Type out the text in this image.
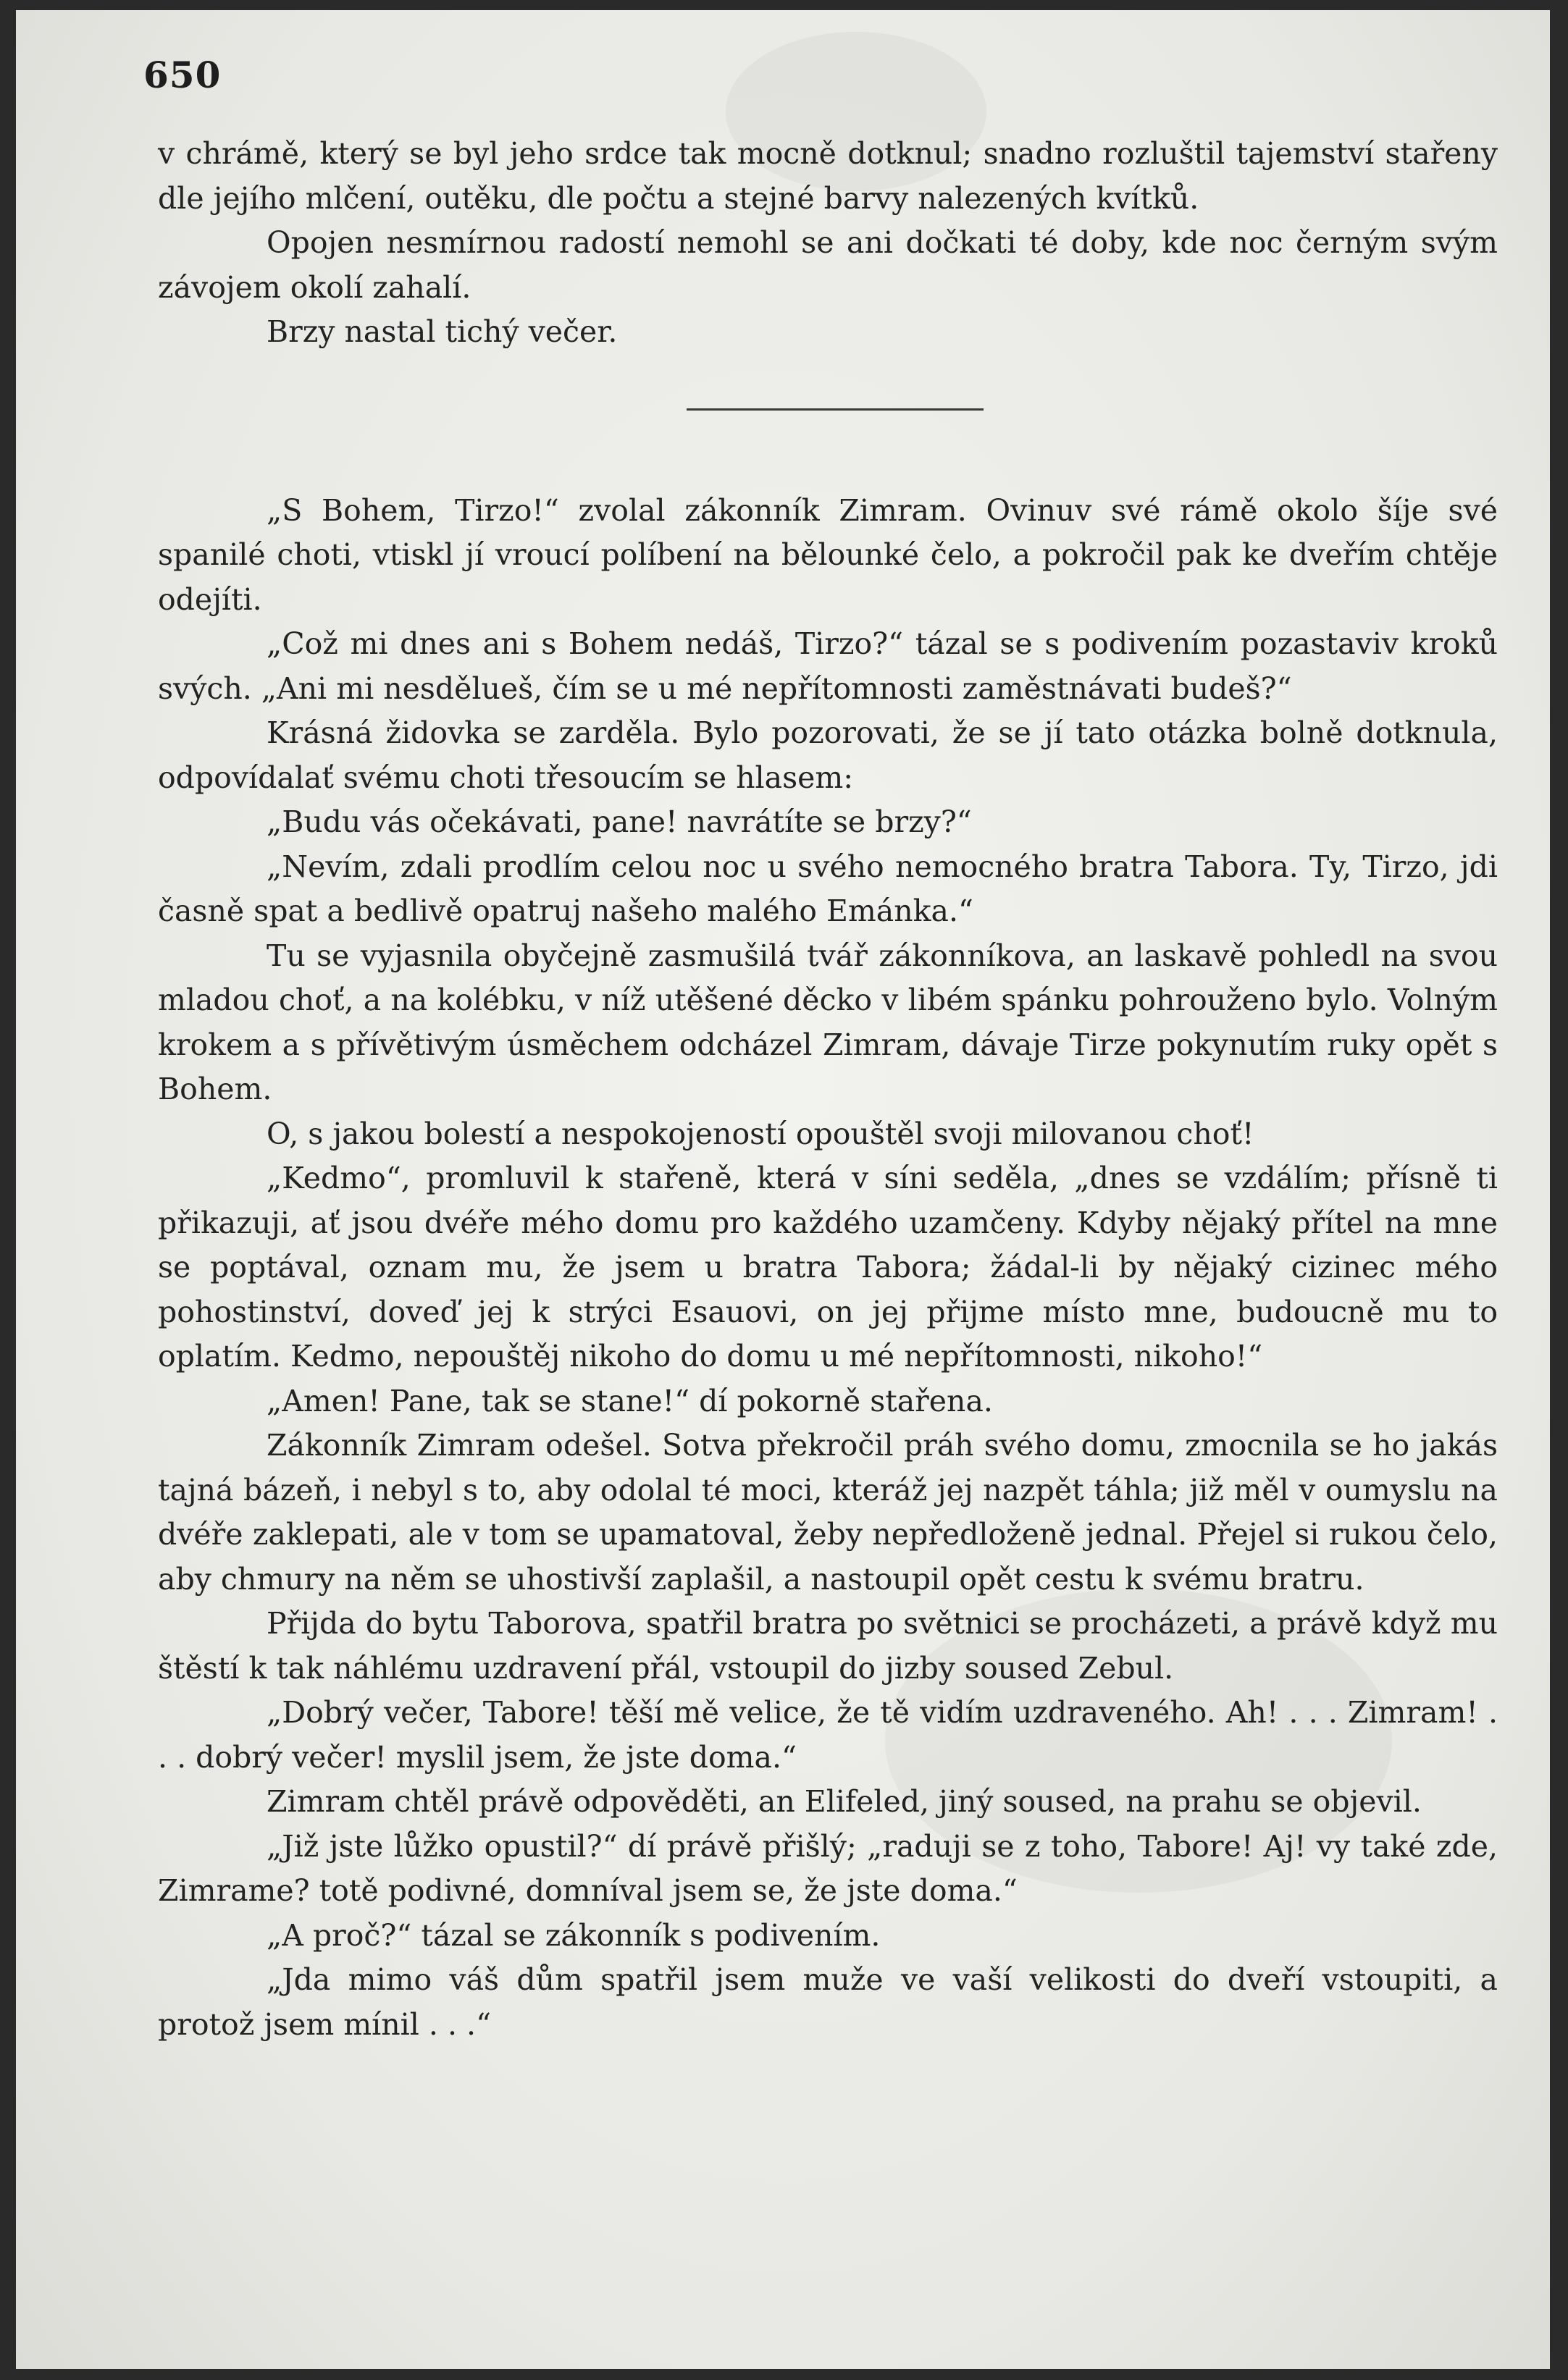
650

v chrámě, který se byl jeho srdce tak mocně dotknul; snadno rozluštil tajemství stařeny dle jejího mlčení, outěku, dle počtu a stejné barvy nalezených kvítků.

Opojen nesmírnou radostí nemohl se ani dočkati té doby, kde noc černým svým závojem okolí zahalí.

Brzy nastal tichý večer.

„S Bohem, Tirzo!“ zvolal zákonník Zimram. Ovinuv své rámě okolo šíje své spanilé choti, vtiskl jí vroucí políbení na bělounké čelo, a pokročil pak ke dveřím chtěje odejíti.

„Což mi dnes ani s Bohem nedáš, Tirzo?“ tázal se s podivením pozastaviv kroků svých. „Ani mi nesdělueš, čím se u mé nepřítomnosti zaměstnávati budeš?“

Krásná židovka se zarděla. Bylo pozorovati, že se jí tato otázka bolně dotknula, odpovídalať svému choti třesoucím se hlasem:

„Budu vás očekávati, pane! navrátíte se brzy?“

„Nevím, zdali prodlím celou noc u svého nemocného bratra Tabora. Ty, Tirzo, jdi časně spat a bedlivě opatruj našeho malého Emánka.“

Tu se vyjasnila obyčejně zasmušilá tvář zákonníkova, an laskavě pohledl na svou mladou choť, a na kolébku, v níž utěšené děcko v libém spánku pohrouženo bylo. Volným krokem a s přívětivým úsměchem odcházel Zimram, dávaje Tirze pokynutím ruky opět s Bohem.

O, s jakou bolestí a nespokojeností opouštěl svoji milovanou choť!

„Kedmo“, promluvil k stařeně, která v síni seděla, „dnes se vzdálím; přísně ti přikazuji, ať jsou dvéře mého domu pro každého uzamčeny. Kdyby nějaký přítel na mne se poptával, oznam mu, že jsem u bratra Tabora; žádal-li by nějaký cizinec mého pohostinství, doveď jej k strýci Esauovi, on jej přijme místo mne, budoucně mu to oplatím. Kedmo, nepouštěj nikoho do domu u mé nepřítomnosti, nikoho!“

„Amen! Pane, tak se stane!“ dí pokorně stařena.

Zákonník Zimram odešel. Sotva překročil práh svého domu, zmocnila se ho jakás tajná bázeň, i nebyl s to, aby odolal té moci, kteráž jej nazpět táhla; již měl v oumyslu na dvéře zaklepati, ale v tom se upamatoval, žeby nepředloženě jednal. Přejel si rukou čelo, aby chmury na něm se uhostivší zaplašil, a nastoupil opět cestu k svému bratru.

Přijda do bytu Taborova, spatřil bratra po světnici se procházeti, a právě když mu štěstí k tak náhlému uzdravení přál, vstoupil do jizby soused Zebul.

„Dobrý večer, Tabore! těší mě velice, že tě vidím uzdraveného. Ah! . . . Zimram! . . . dobrý večer! myslil jsem, že jste doma.“

Zimram chtěl právě odpověděti, an Elifeled, jiný soused, na prahu se objevil.

„Již jste lůžko opustil?“ dí právě přišlý; „raduji se z toho, Tabore! Aj! vy také zde, Zimrame? totě podivné, domníval jsem se, že jste doma.“

„A proč?“ tázal se zákonník s podivením.

„Jda mimo váš dům spatřil jsem muže ve vaší velikosti do dveří vstoupiti, a protož jsem mínil . . .“
